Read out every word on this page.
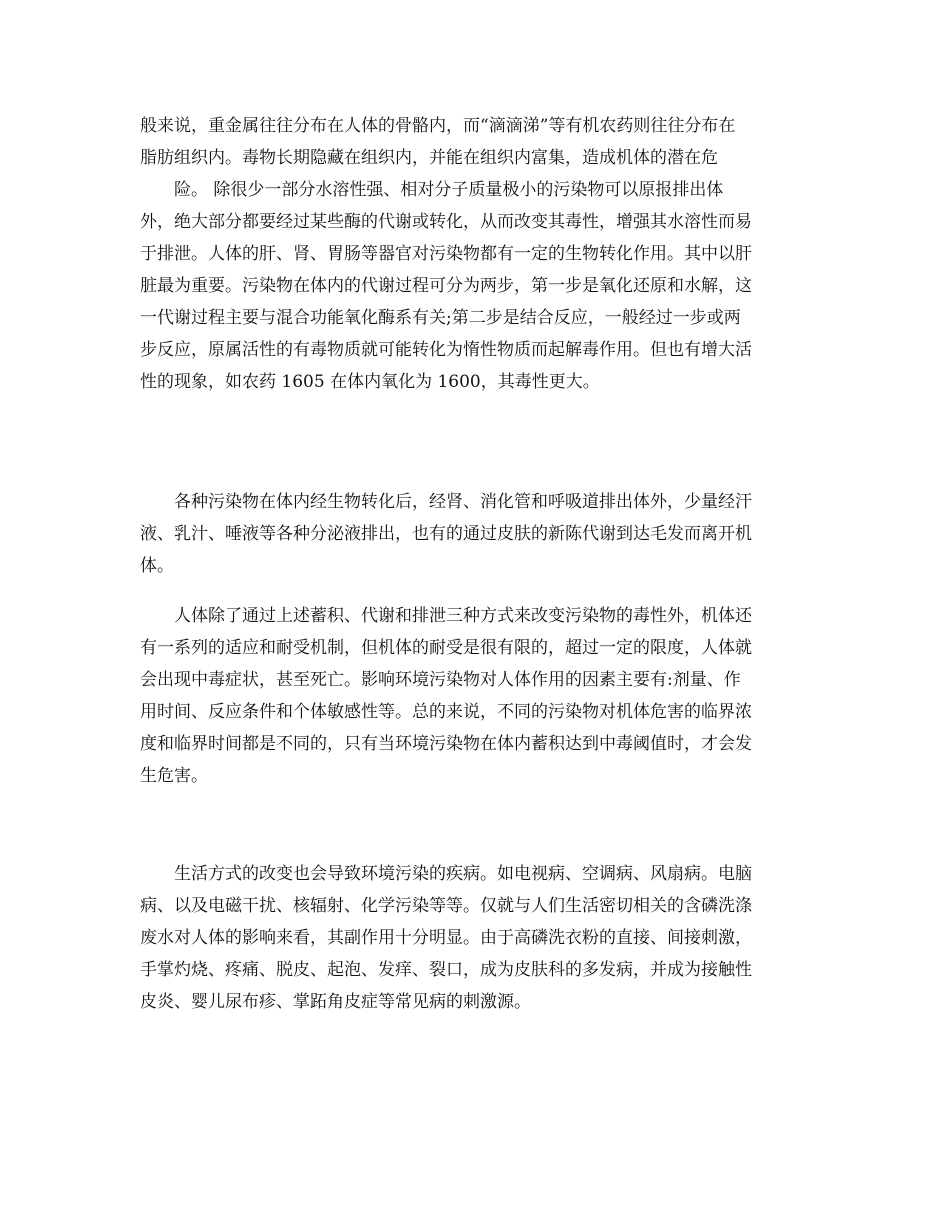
般来说，重金属往往分布在人体的骨骼内，而“滴滴涕”等有机农药则往往分布在
脂肪组织内。毒物长期隐藏在组织内，并能在组织内富集，造成机体的潜在危
险。 除很少一部分水溶性强、相对分子质量极小的污染物可以原报排出体
外，绝大部分都要经过某些酶的代谢或转化，从而改变其毒性，增强其水溶性而易
于排泄。人体的肝、肾、胃肠等器官对污染物都有一定的生物转化作用。其中以肝
脏最为重要。污染物在体内的代谢过程可分为两步，第一步是氧化还原和水解，这
一代谢过程主要与混合功能氧化酶系有关;第二步是结合反应，一般经过一步或两
步反应，原属活性的有毒物质就可能转化为惰性物质而起解毒作用。但也有增大活
性的现象，如农药 1605 在体内氧化为 1600，其毒性更大。
各种污染物在体内经生物转化后，经肾、消化管和呼吸道排出体外，少量经汗
液、乳汁、唾液等各种分泌液排出，也有的通过皮肤的新陈代谢到达毛发而离开机
体。
人体除了通过上述蓄积、代谢和排泄三种方式来改变污染物的毒性外，机体还
有一系列的适应和耐受机制，但机体的耐受是很有限的，超过一定的限度，人体就
会出现中毒症状，甚至死亡。影响环境污染物对人体作用的因素主要有:剂量、作
用时间、反应条件和个体敏感性等。总的来说，不同的污染物对机体危害的临界浓
度和临界时间都是不同的，只有当环境污染物在体内蓄积达到中毒阈值时，才会发
生危害。
生活方式的改变也会导致环境污染的疾病。如电视病、空调病、风扇病。电脑
病、以及电磁干扰、核辐射、化学污染等等。仅就与人们生活密切相关的含磷洗涤
废水对人体的影响来看，其副作用十分明显。由于高磷洗衣粉的直接、间接刺激，
手掌灼烧、疼痛、脱皮、起泡、发痒、裂口，成为皮肤科的多发病，并成为接触性
皮炎、婴儿尿布疹、掌跖角皮症等常见病的刺激源。
